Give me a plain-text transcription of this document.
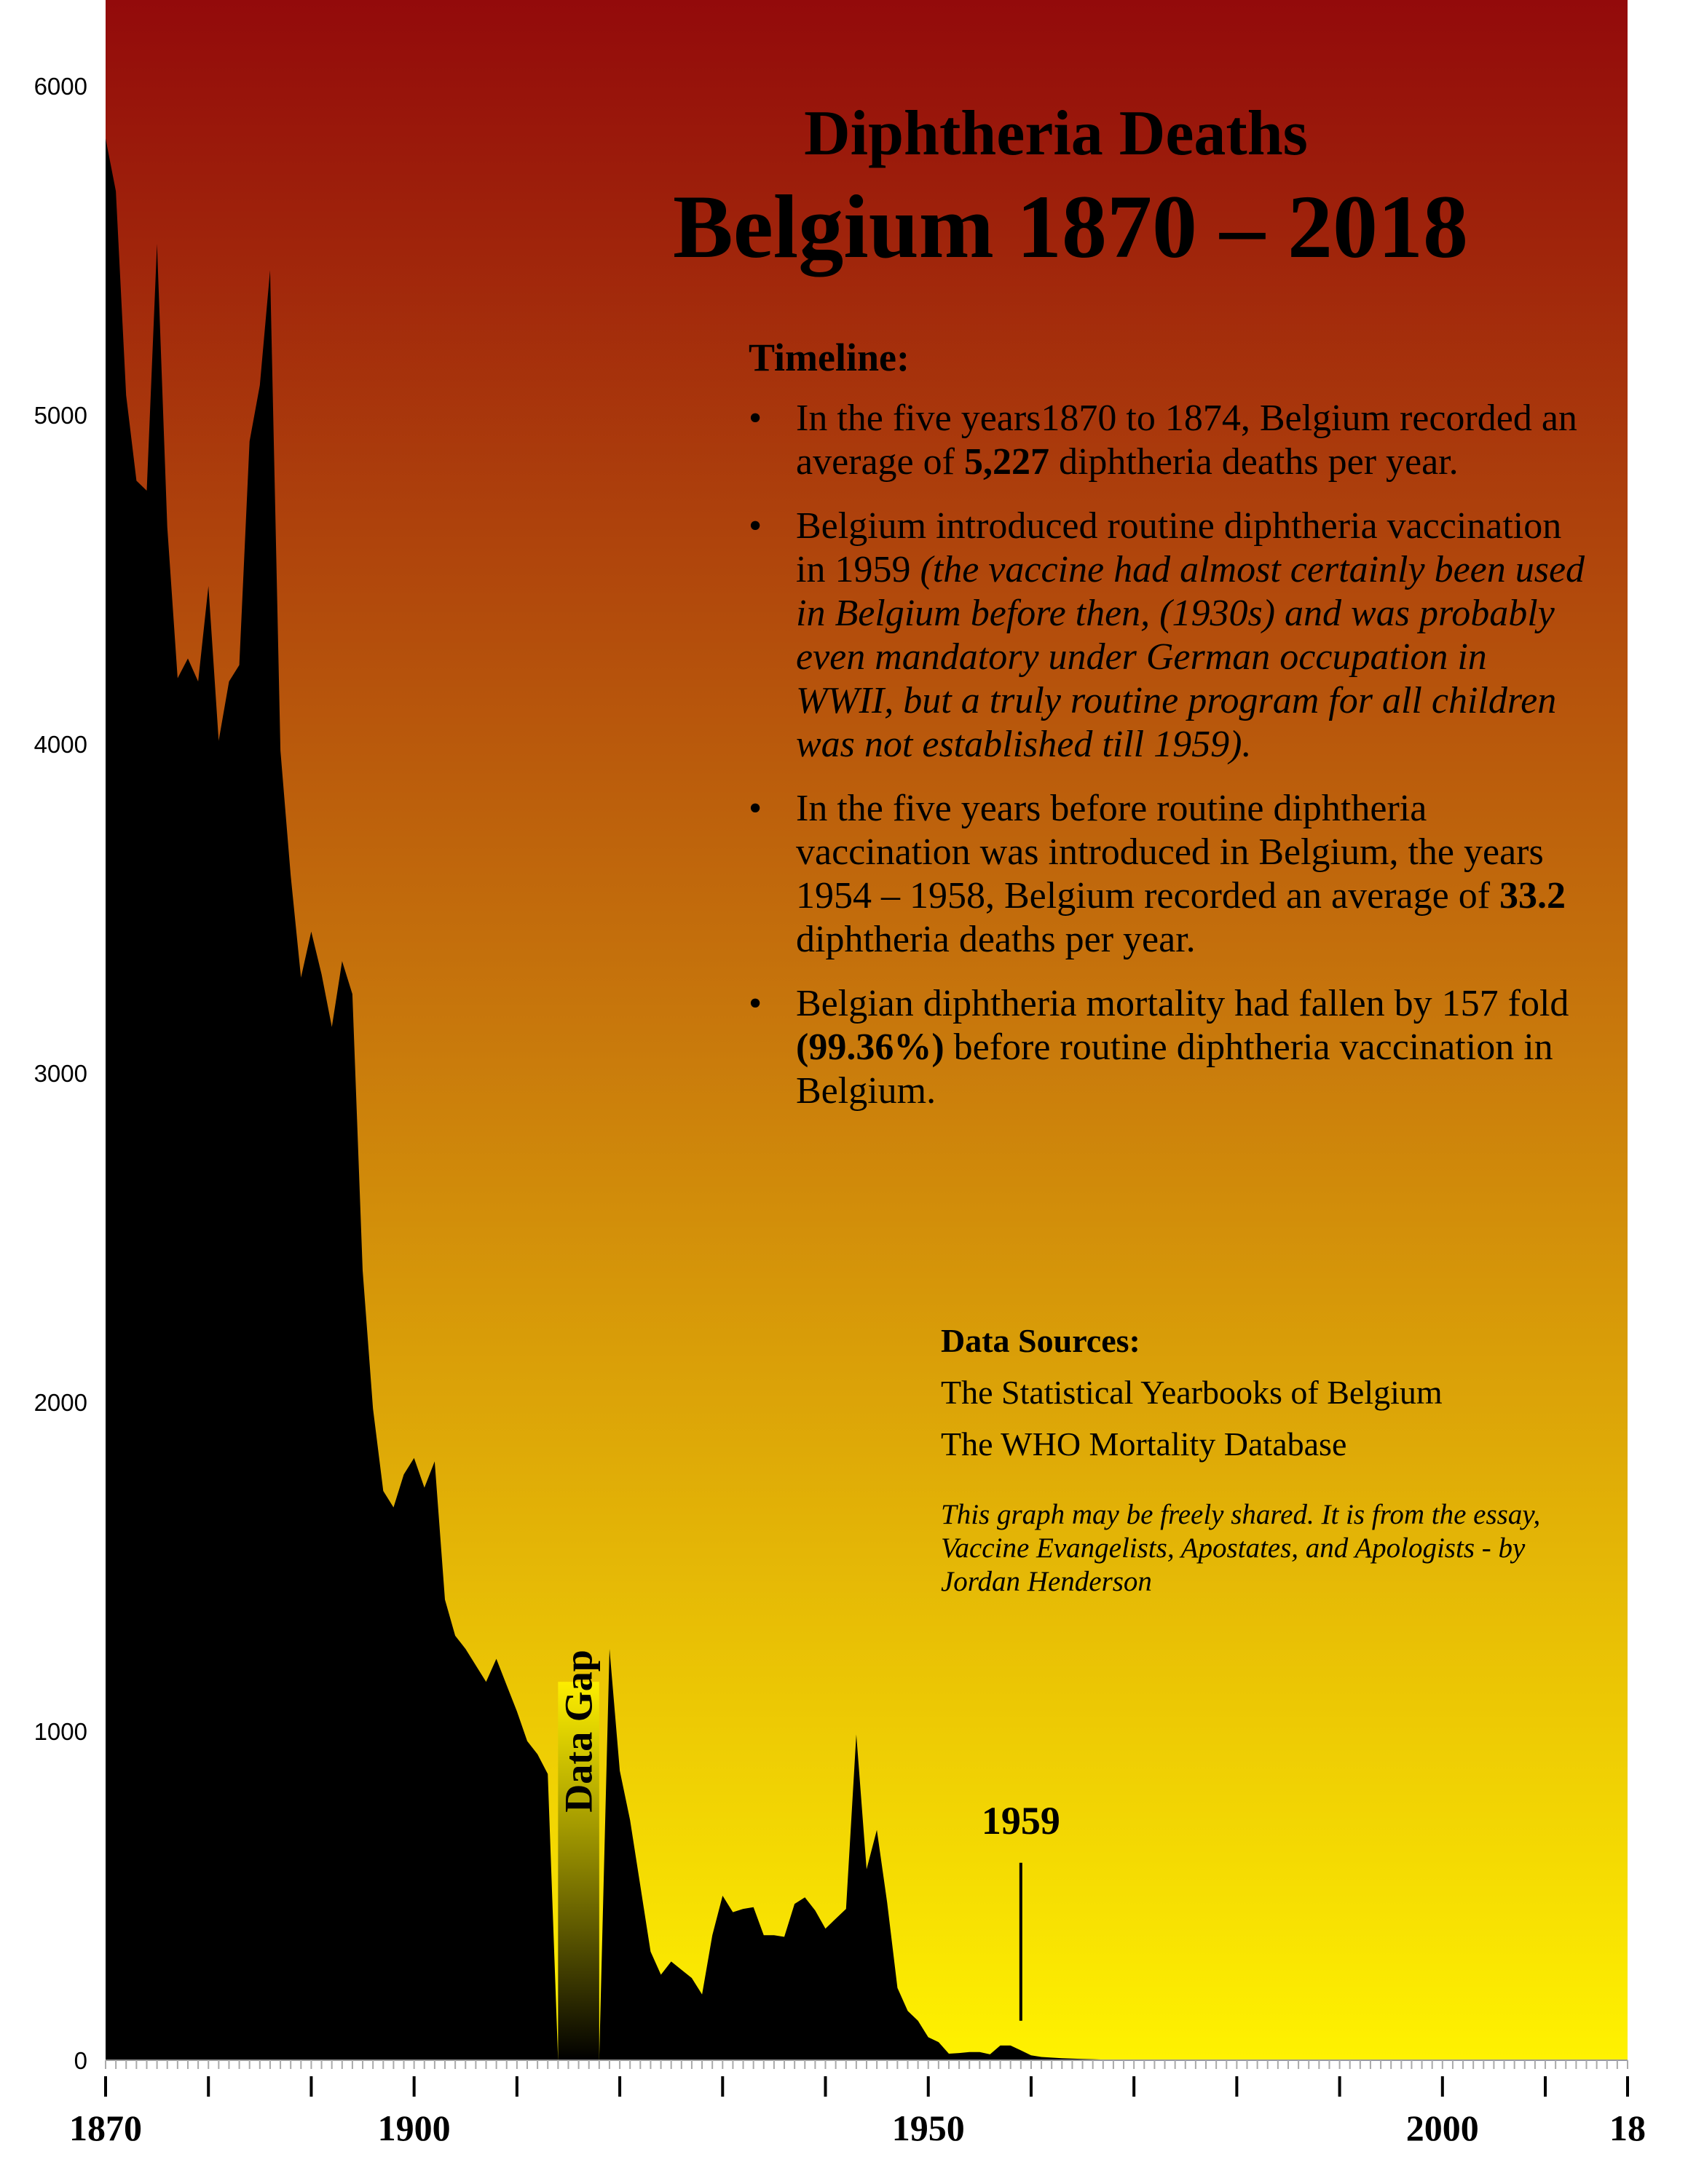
0
1000
2000
3000
4000
5000
6000
1870	1900	1950	2000	18
1959
Data Gap
Diphtheria Deaths
Belgium 1870 – 2018
Timeline:
• In the five years1870 to 1874, Belgium recorded an average of 5,227 diphtheria deaths per year.
• Belgium introduced routine diphtheria vaccination in 1959 (the vaccine had almost certainly been used in Belgium before then, (1930s) and was probably even mandatory under German occupation in WWII, but a truly routine program for all children was not established till 1959).
• In the five years before routine diphtheria vaccination was introduced in Belgium, the years 1954 – 1958, Belgium recorded an average of 33.2 diphtheria deaths per year.
• Belgian diphtheria mortality had fallen by 157 fold (99.36%) before routine diphtheria vaccination in Belgium.
Data Sources:
The Statistical Yearbooks of Belgium
The WHO Mortality Database
This graph may be freely shared. It is from the essay, Vaccine Evangelists, Apostates, and Apologists - by Jordan Henderson
